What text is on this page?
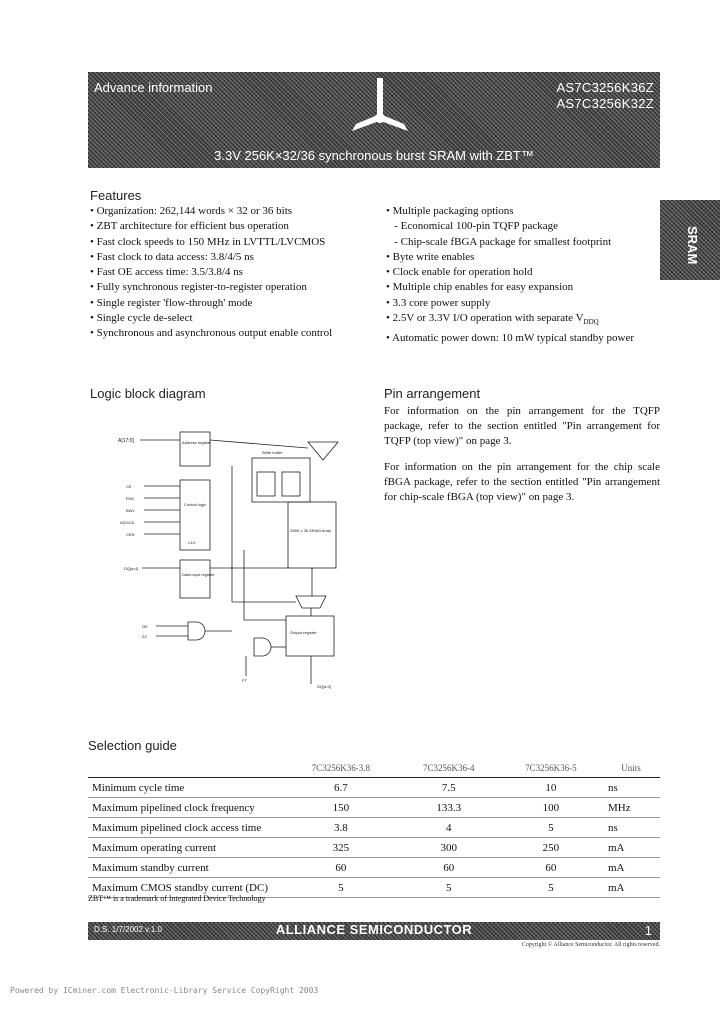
Advance information	AS7C3256K36Z
AS7C3256K32Z
3.3V 256K×32/36 synchronous burst SRAM with ZBT™
SRAM
Features
• Organization: 262,144 words × 32 or 36 bits
• ZBT architecture for efficient bus operation
• Fast clock speeds to 150 MHz in LVTTL/LVCMOS
• Fast clock to data access: 3.8/4/5 ns
• Fast OE access time: 3.5/3.8/4 ns
• Fully synchronous register-to-register operation
• Single register 'flow-through' mode
• Single cycle de-select
• Synchronous and asynchronous output enable control
• Multiple packaging options
- Economical 100-pin TQFP package
- Chip-scale fBGA package for smallest footprint
• Byte write enables
• Clock enable for operation hold
• Multiple chip enables for easy expansion
• 3.3 core power supply
• 2.5V or 3.3V I/O operation with separate $V_{DDQ}$
• Automatic power down: 10 mW typical standby power
Logic block diagram
A[17:0]	Address register
Write buffer
Control logic
CLK
CE
R/W
BWx
ADV/LD
CEN
256K x 36 SRAM Array
Data input register
DQ[a:d]
Output register
DQ[a:d]
OE
ZZ
FT
Pin arrangement

For information on the pin arrangement for the TQFP package, refer to the section entitled "Pin arrangement for TQFP (top view)" on page 3.

For information on the pin arrangement for the chip scale fBGA package, refer to the section entitled "Pin arrangement for chip-scale fBGA (top view)" on page 3.

Selection guide
	7C3256K36-3.8	7C3256K36-4	7C3256K36-5	Units
Minimum cycle time	6.7	7.5	10	ns
Maximum pipelined clock frequency	150	133.3	100	MHz
Maximum pipelined clock access time	3.8	4	5	ns
Maximum operating current	325	300	250	mA
Maximum standby current	60	60	60	mA
Maximum CMOS standby current (DC)	5	5	5	mA
ZBT™ is a trademark of Integrated Device Technology
D.S. 1/7/2002 v.1.0	ALLIANCE SEMICONDUCTOR	1
Copyright © Alliance Semiconductor. All rights reserved.
Powered by ICminer.com Electronic-Library Service CopyRight 2003
